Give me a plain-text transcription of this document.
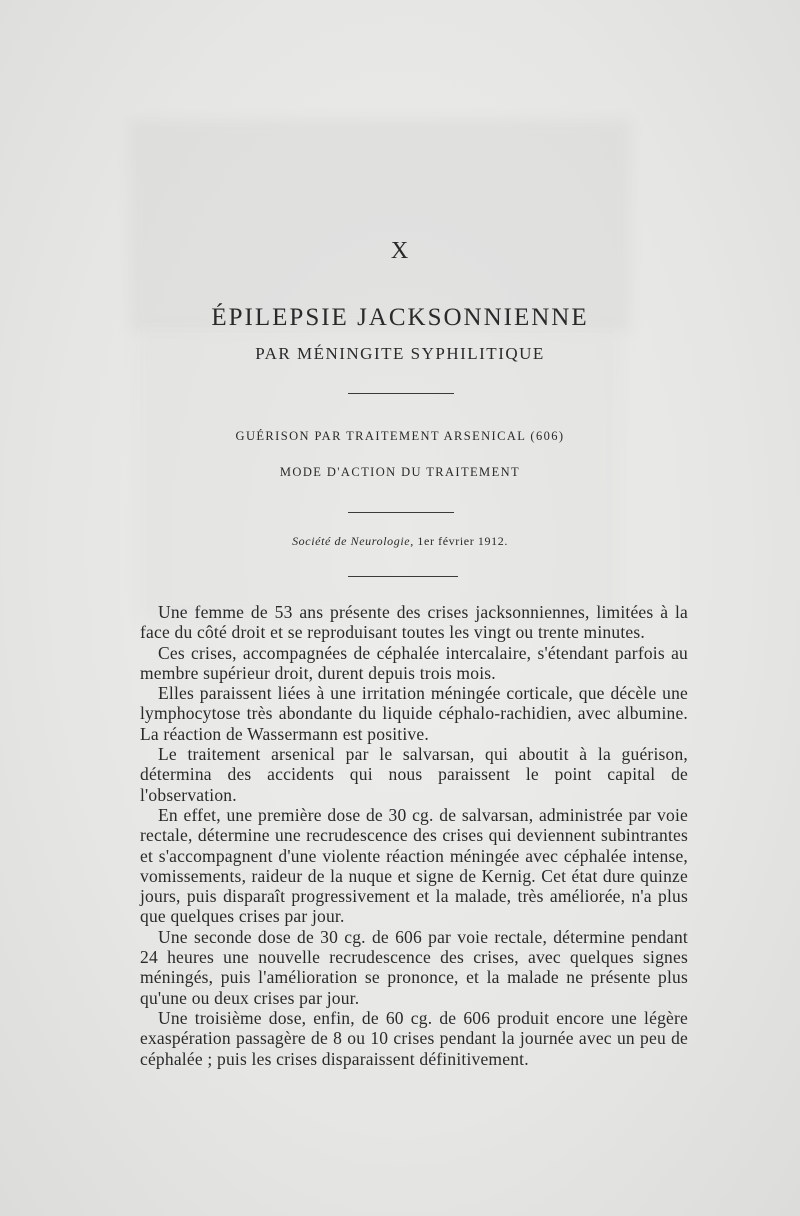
X

ÉPILEPSIE JACKSONNIENNE

PAR MÉNINGITE SYPHILITIQUE

GUÉRISON PAR TRAITEMENT ARSENICAL (606)

MODE D'ACTION DU TRAITEMENT

Société de Neurologie, 1er février 1912.

Une femme de 53 ans présente des crises jacksonniennes, limitées à la face du côté droit et se reproduisant toutes les vingt ou trente minutes.

Ces crises, accompagnées de céphalée intercalaire, s'étendant parfois au membre supérieur droit, durent depuis trois mois.

Elles paraissent liées à une irritation méningée corticale, que décèle une lymphocytose très abondante du liquide céphalo-rachidien, avec albumine. La réaction de Wassermann est positive.

Le traitement arsenical par le salvarsan, qui aboutit à la guérison, détermina des accidents qui nous paraissent le point capital de l'observation.

En effet, une première dose de 30 cg. de salvarsan, administrée par voie rectale, détermine une recrudescence des crises qui deviennent subintrantes et s'accompagnent d'une violente réaction méningée avec céphalée intense, vomissements, raideur de la nuque et signe de Kernig. Cet état dure quinze jours, puis disparaît progressivement et la malade, très améliorée, n'a plus que quelques crises par jour.

Une seconde dose de 30 cg. de 606 par voie rectale, détermine pendant 24 heures une nouvelle recrudescence des crises, avec quelques signes méningés, puis l'amélioration se prononce, et la malade ne présente plus qu'une ou deux crises par jour.

Une troisième dose, enfin, de 60 cg. de 606 produit encore une légère exaspération passagère de 8 ou 10 crises pendant la journée avec un peu de céphalée ; puis les crises disparaissent définitivement.
